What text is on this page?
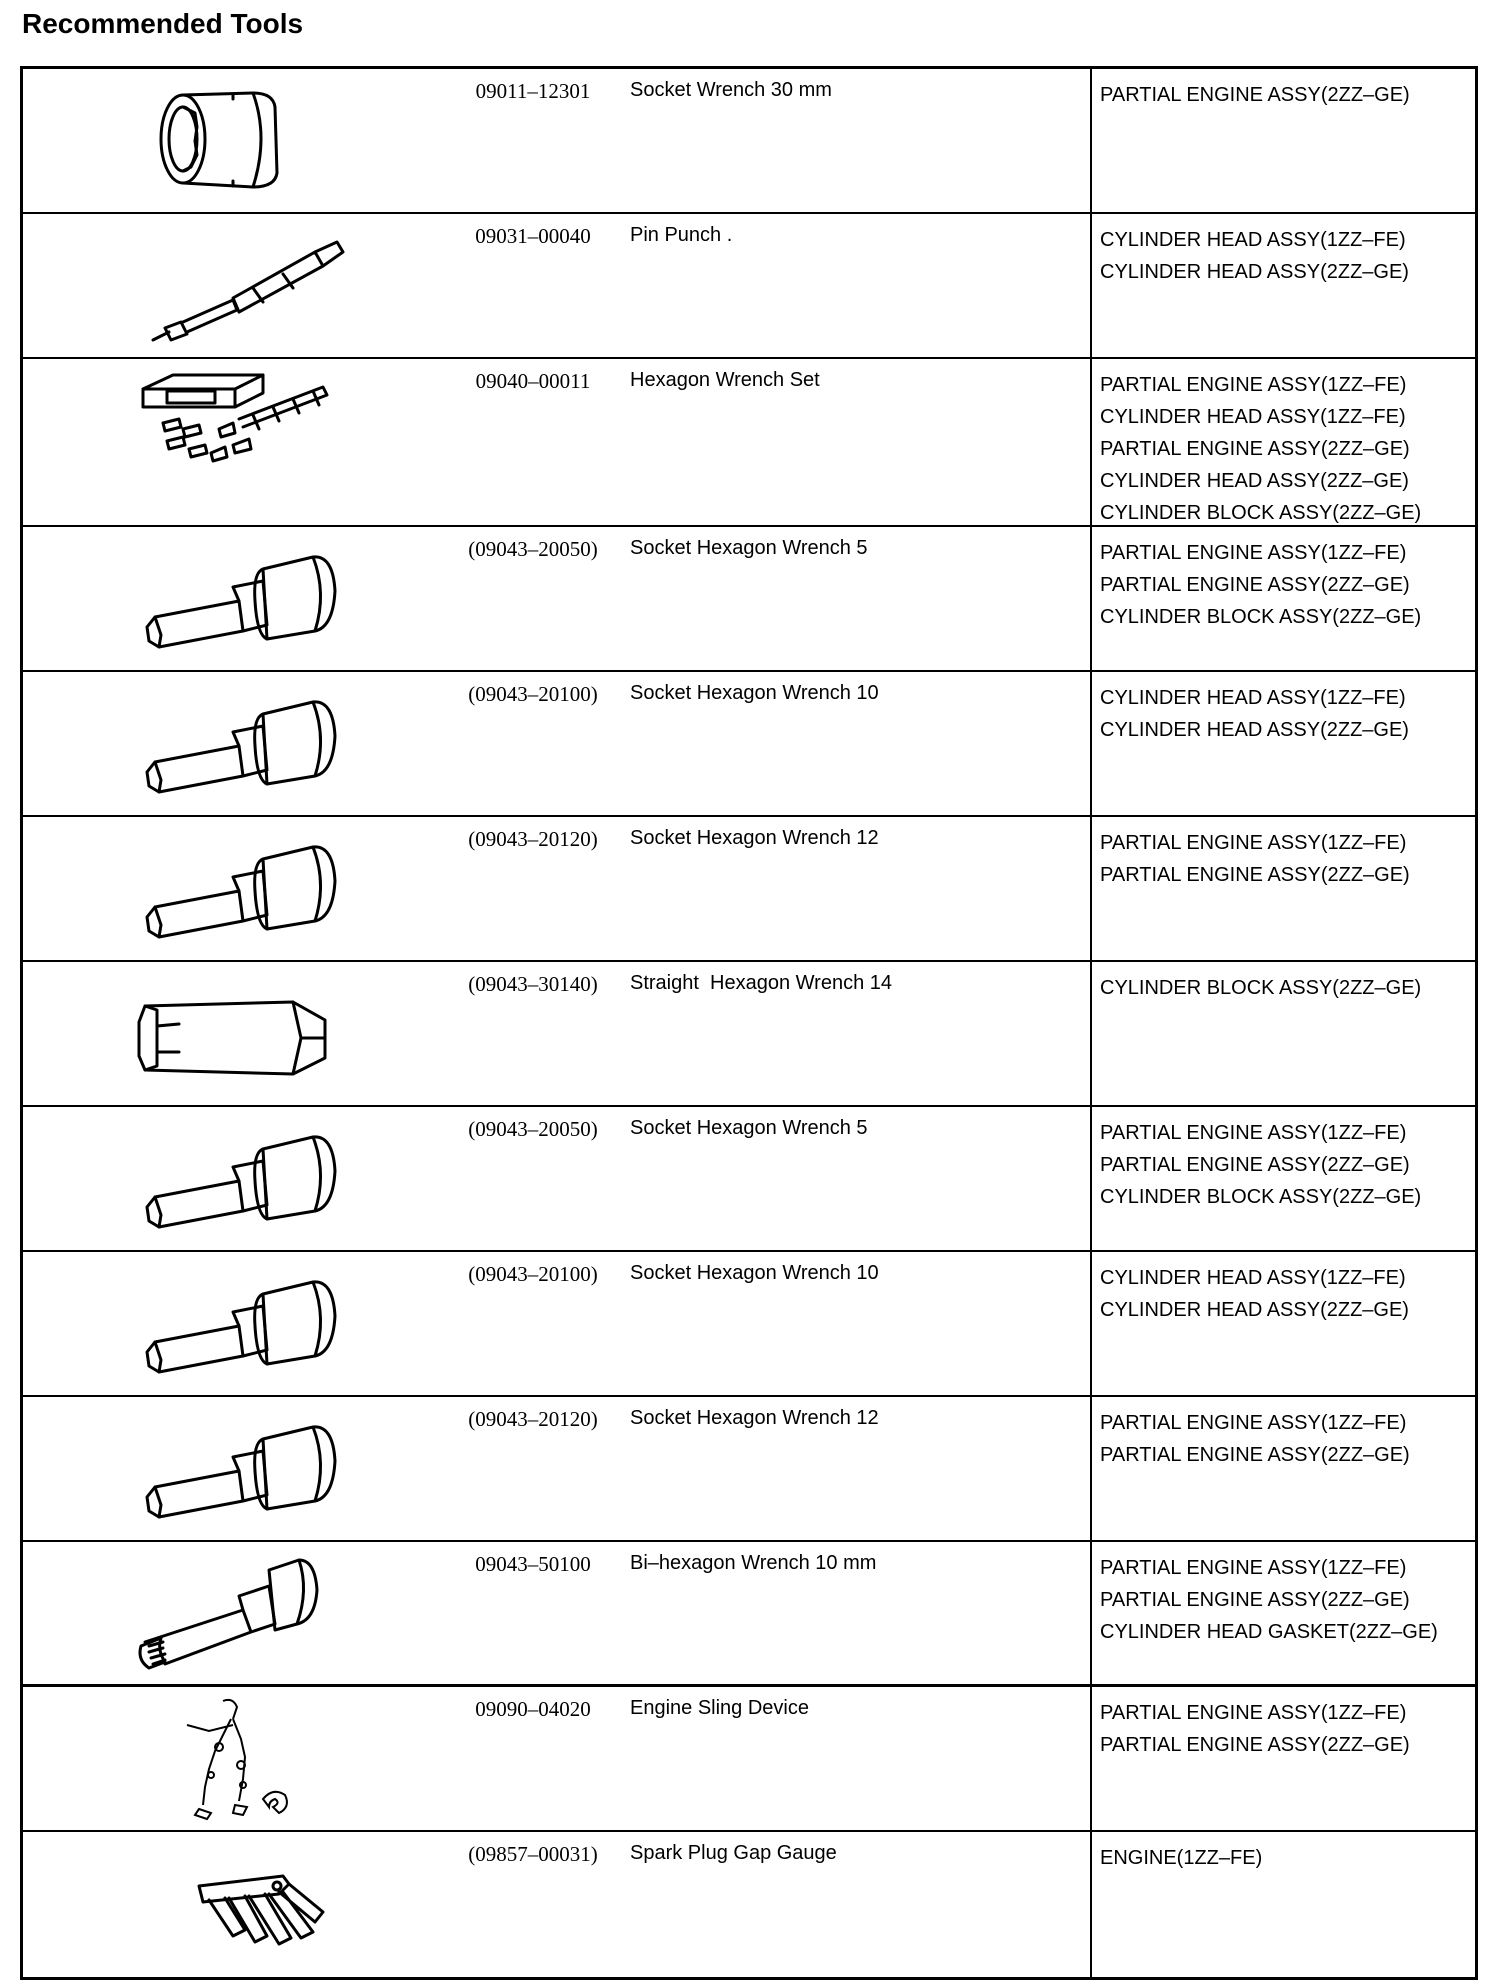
Recommended Tools
09011–12301	Socket Wrench 30 mm	PARTIAL ENGINE ASSY(2ZZ–GE)
09031–00040	Pin Punch .	CYLINDER HEAD ASSY(1ZZ–FE)
CYLINDER HEAD ASSY(2ZZ–GE)
09040–00011	Hexagon Wrench Set	PARTIAL ENGINE ASSY(1ZZ–FE)
CYLINDER HEAD ASSY(1ZZ–FE)
PARTIAL ENGINE ASSY(2ZZ–GE)
CYLINDER HEAD ASSY(2ZZ–GE)
CYLINDER BLOCK ASSY(2ZZ–GE)
(09043–20050)	Socket Hexagon Wrench 5	PARTIAL ENGINE ASSY(1ZZ–FE)
PARTIAL ENGINE ASSY(2ZZ–GE)
CYLINDER BLOCK ASSY(2ZZ–GE)
(09043–20100)	Socket Hexagon Wrench 10	CYLINDER HEAD ASSY(1ZZ–FE)
CYLINDER HEAD ASSY(2ZZ–GE)
(09043–20120)	Socket Hexagon Wrench 12	PARTIAL ENGINE ASSY(1ZZ–FE)
PARTIAL ENGINE ASSY(2ZZ–GE)
(09043–30140)	Straight  Hexagon Wrench 14	CYLINDER BLOCK ASSY(2ZZ–GE)
(09043–20050)	Socket Hexagon Wrench 5	PARTIAL ENGINE ASSY(1ZZ–FE)
PARTIAL ENGINE ASSY(2ZZ–GE)
CYLINDER BLOCK ASSY(2ZZ–GE)
(09043–20100)	Socket Hexagon Wrench 10	CYLINDER HEAD ASSY(1ZZ–FE)
CYLINDER HEAD ASSY(2ZZ–GE)
(09043–20120)	Socket Hexagon Wrench 12	PARTIAL ENGINE ASSY(1ZZ–FE)
PARTIAL ENGINE ASSY(2ZZ–GE)
09043–50100	Bi–hexagon Wrench 10 mm	PARTIAL ENGINE ASSY(1ZZ–FE)
PARTIAL ENGINE ASSY(2ZZ–GE)
CYLINDER HEAD GASKET(2ZZ–GE)
09090–04020	Engine Sling Device	PARTIAL ENGINE ASSY(1ZZ–FE)
PARTIAL ENGINE ASSY(2ZZ–GE)
(09857–00031)	Spark Plug Gap Gauge	ENGINE(1ZZ–FE)
